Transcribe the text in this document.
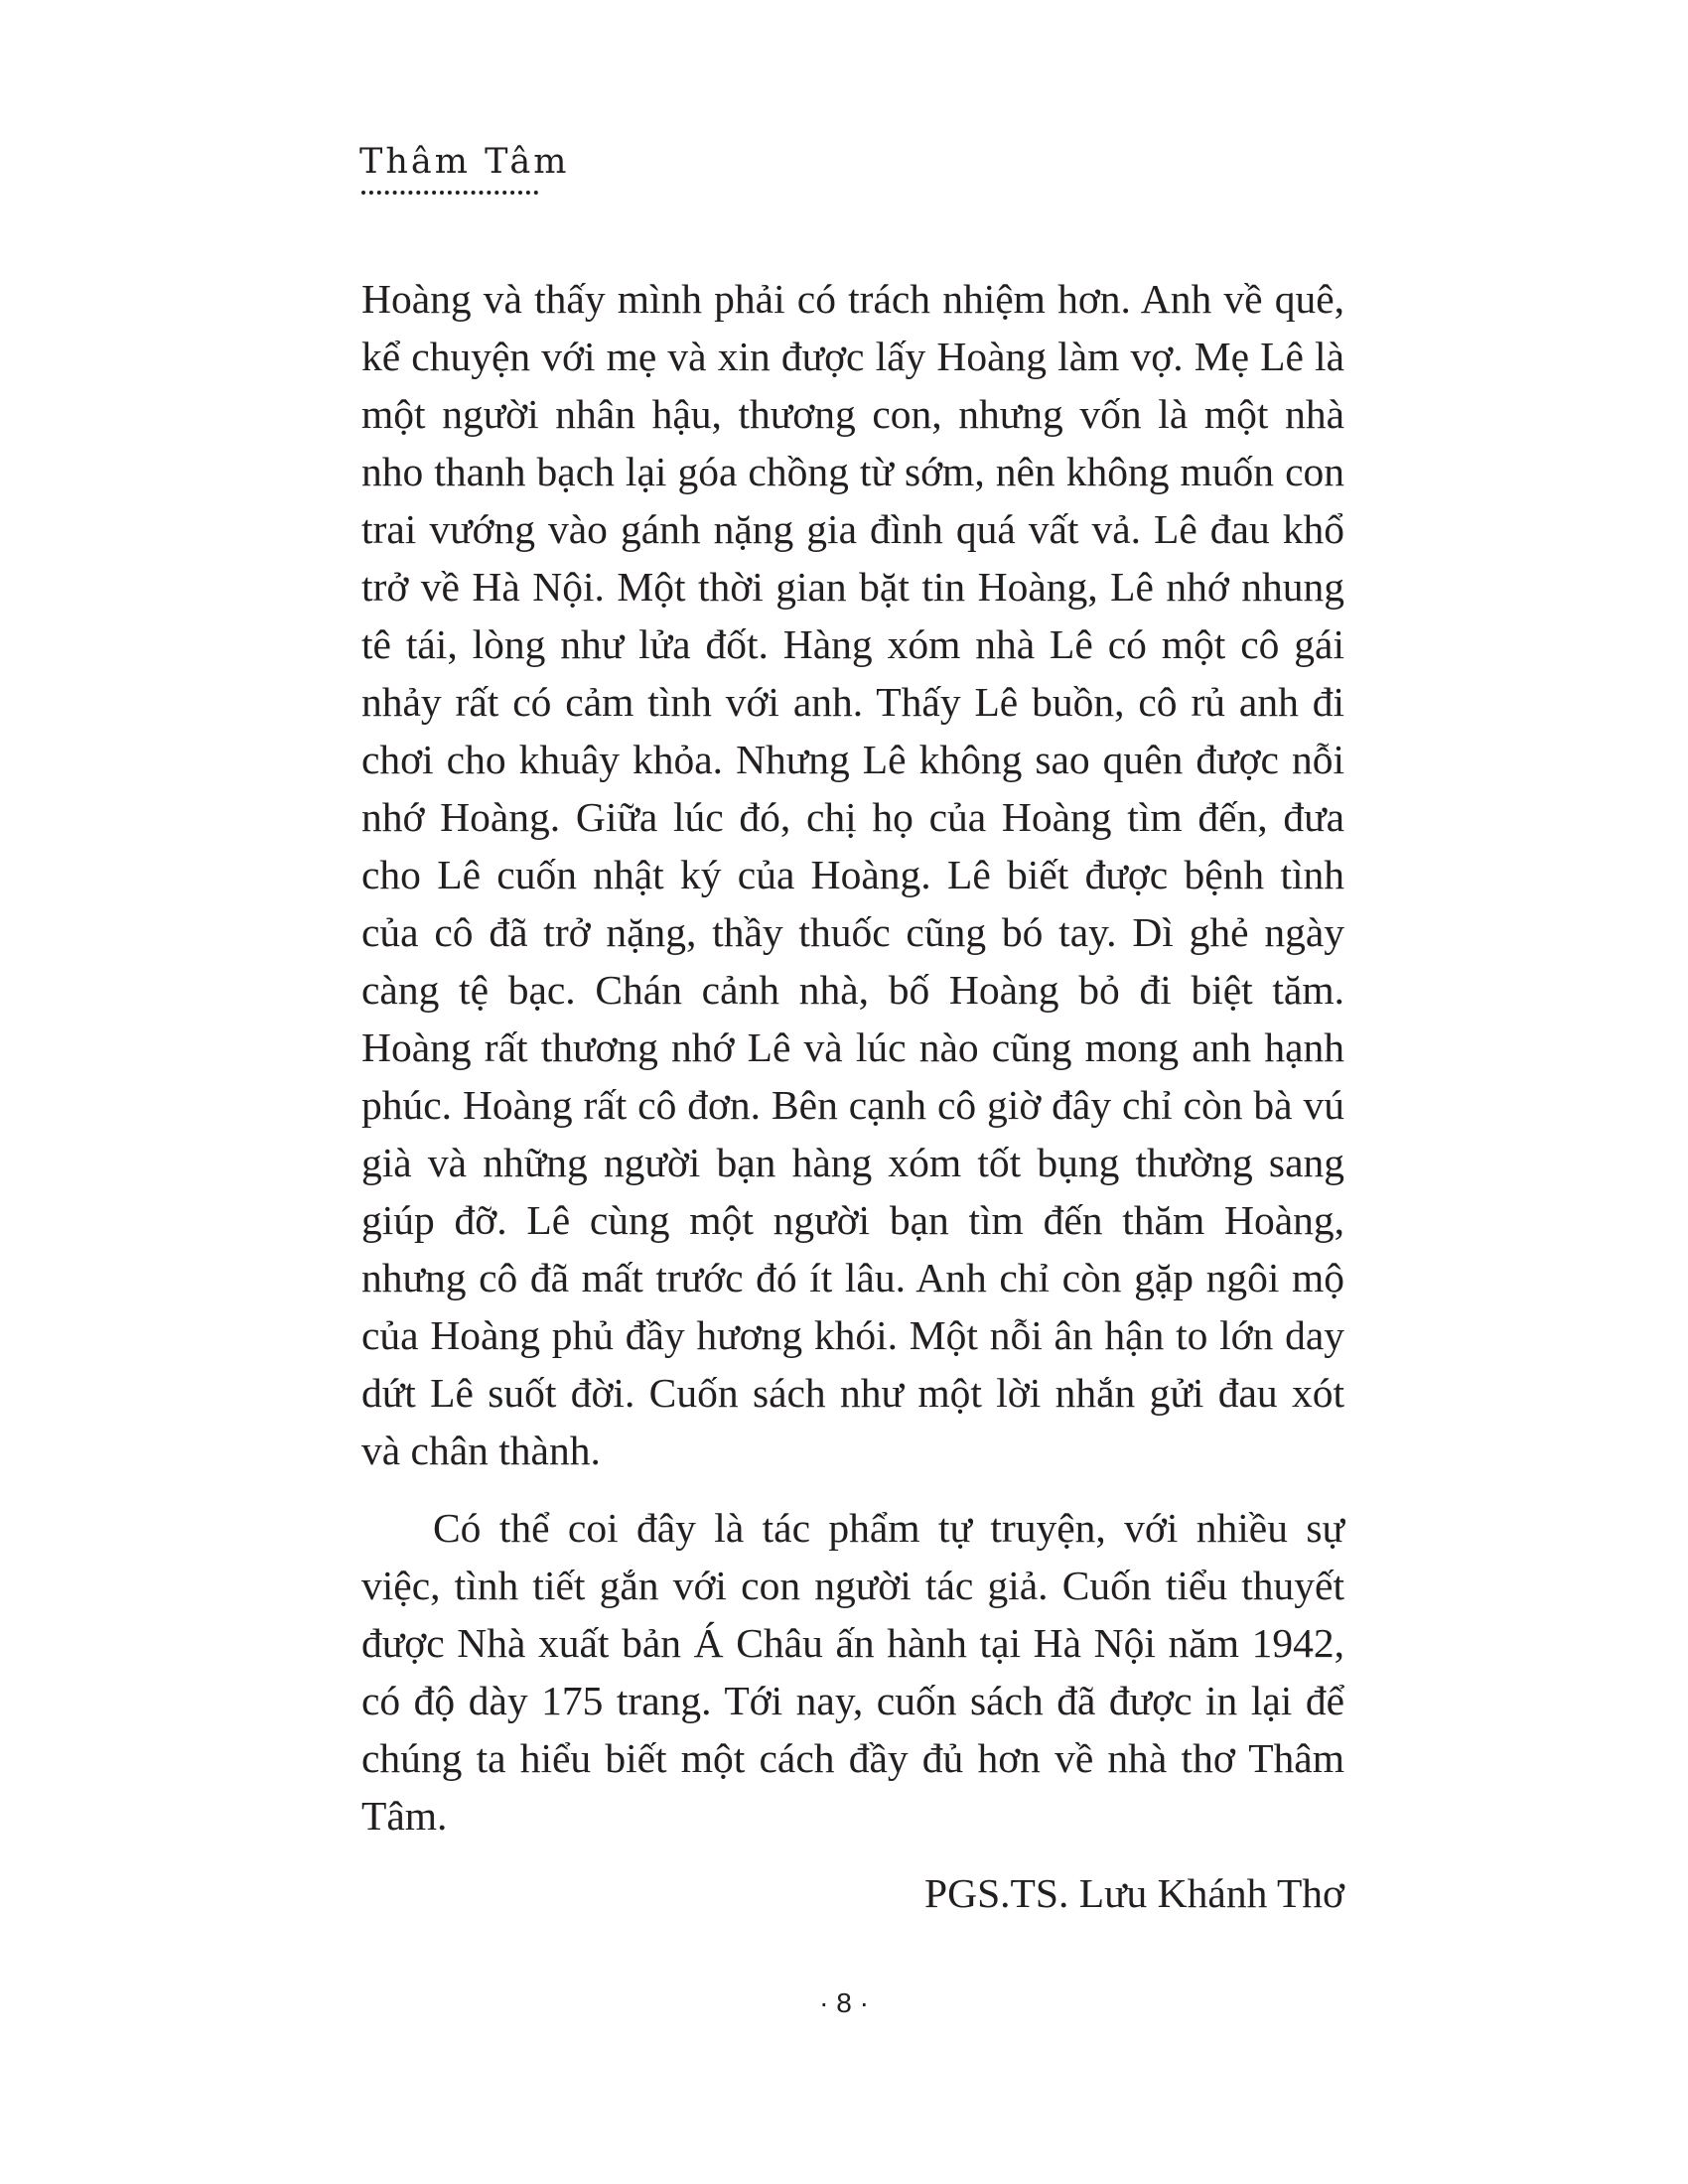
Thâm Tâm

Hoàng và thấy mình phải có trách nhiệm hơn. Anh về quê, kể chuyện với mẹ và xin được lấy Hoàng làm vợ. Mẹ Lê là một người nhân hậu, thương con, nhưng vốn là một nhà nho thanh bạch lại góa chồng từ sớm, nên không muốn con trai vướng vào gánh nặng gia đình quá vất vả. Lê đau khổ trở về Hà Nội. Một thời gian bặt tin Hoàng, Lê nhớ nhung tê tái, lòng như lửa đốt. Hàng xóm nhà Lê có một cô gái nhảy rất có cảm tình với anh. Thấy Lê buồn, cô rủ anh đi chơi cho khuây khỏa. Nhưng Lê không sao quên được nỗi nhớ Hoàng. Giữa lúc đó, chị họ của Hoàng tìm đến, đưa cho Lê cuốn nhật ký của Hoàng. Lê biết được bệnh tình của cô đã trở nặng, thầy thuốc cũng bó tay. Dì ghẻ ngày càng tệ bạc. Chán cảnh nhà, bố Hoàng bỏ đi biệt tăm. Hoàng rất thương nhớ Lê và lúc nào cũng mong anh hạnh phúc. Hoàng rất cô đơn. Bên cạnh cô giờ đây chỉ còn bà vú già và những người bạn hàng xóm tốt bụng thường sang giúp đỡ. Lê cùng một người bạn tìm đến thăm Hoàng, nhưng cô đã mất trước đó ít lâu. Anh chỉ còn gặp ngôi mộ của Hoàng phủ đầy hương khói. Một nỗi ân hận to lớn day dứt Lê suốt đời. Cuốn sách như một lời nhắn gửi đau xót và chân thành.

Có thể coi đây là tác phẩm tự truyện, với nhiều sự việc, tình tiết gắn với con người tác giả. Cuốn tiểu thuyết được Nhà xuất bản Á Châu ấn hành tại Hà Nội năm 1942, có độ dày 175 trang. Tới nay, cuốn sách đã được in lại để chúng ta hiểu biết một cách đầy đủ hơn về nhà thơ Thâm Tâm.

PGS.TS. Lưu Khánh Thơ

· 8 ·
